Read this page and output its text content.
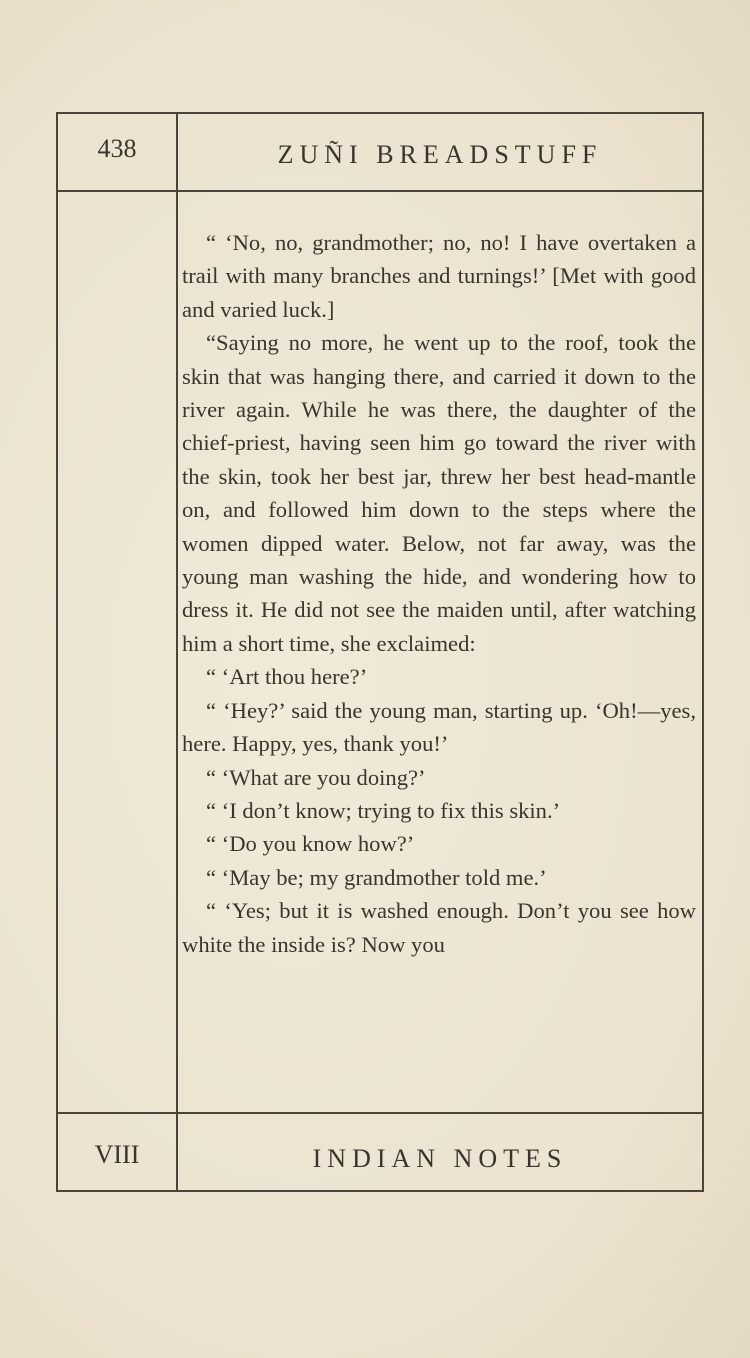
438	ZUÑI BREADSTUFF

“ ‘No, no, grandmother; no, no! I have overtaken a trail with many branches and turnings!’ [Met with good and varied luck.]

“Saying no more, he went up to the roof, took the skin that was hanging there, and carried it down to the river again. While he was there, the daughter of the chief-priest, having seen him go toward the river with the skin, took her best jar, threw her best head-mantle on, and followed him down to the steps where the women dipped water. Below, not far away, was the young man washing the hide, and wondering how to dress it. He did not see the maiden until, after watching him a short time, she exclaimed:

“ ‘Art thou here?’

“ ‘Hey?’ said the young man, starting up. ‘Oh!—yes, here. Happy, yes, thank you!’

“ ‘What are you doing?’

“ ‘I don’t know; trying to fix this skin.’

“ ‘Do you know how?’

“ ‘May be; my grandmother told me.’

“ ‘Yes; but it is washed enough. Don’t you see how white the inside is? Now you

VIII	INDIAN NOTES
